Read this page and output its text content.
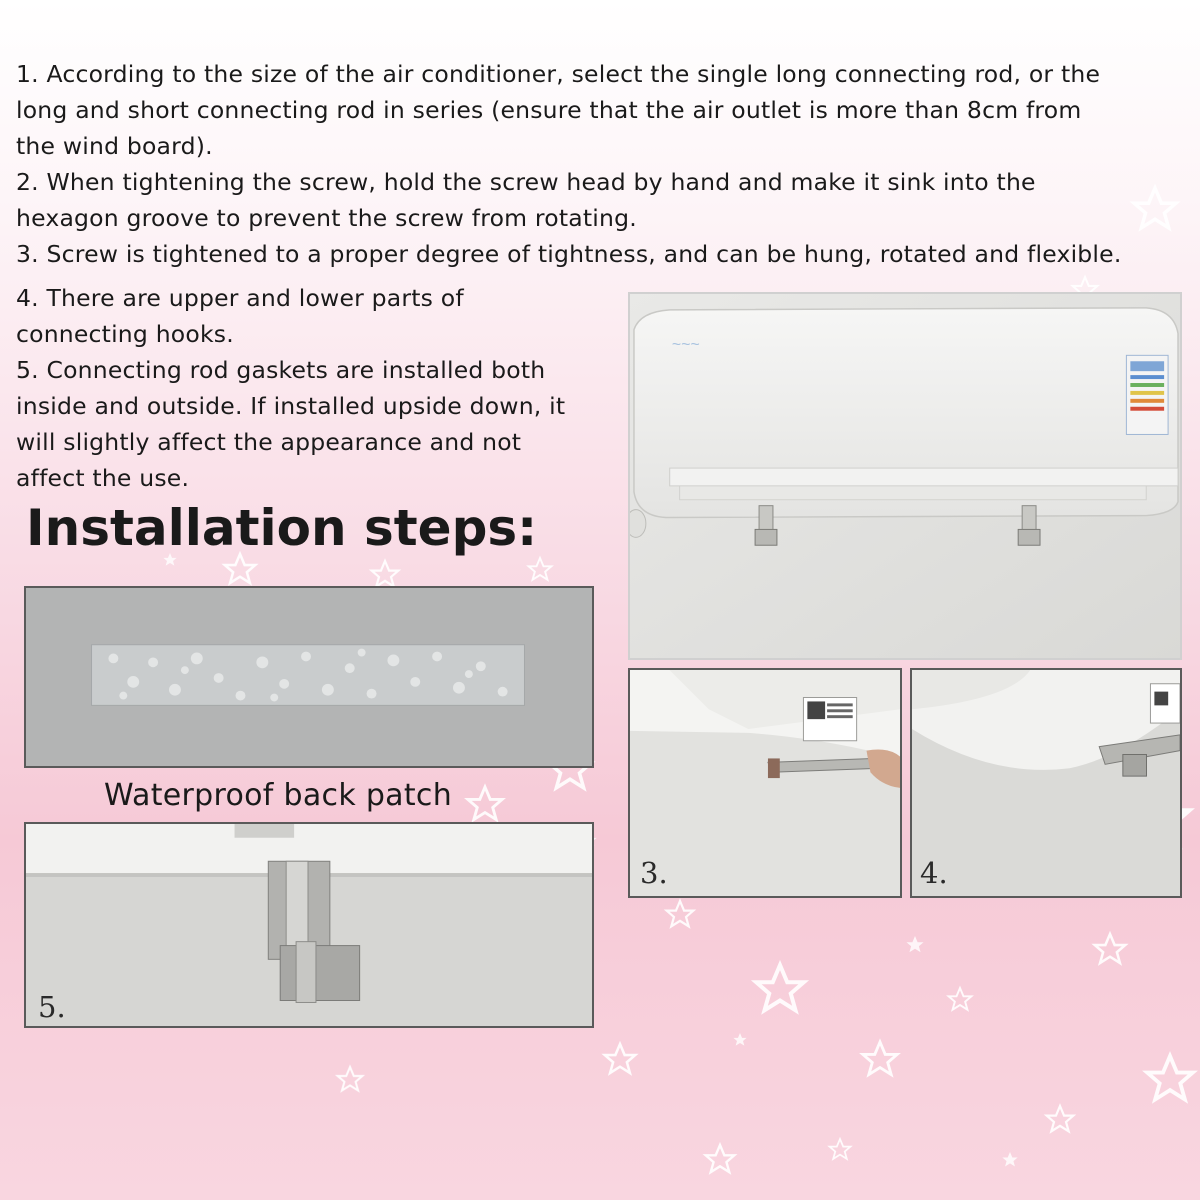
1. According to the size of the air conditioner, select the single long connecting rod, or the
long and short connecting rod in series (ensure that the air outlet is more than 8cm from
the wind board).
2. When tightening the screw, hold the screw head by hand and make it sink into the
hexagon groove to prevent the screw from rotating.
3. Screw is tightened to a proper degree of tightness, and can be hung, rotated and flexible.
4. There are upper and lower parts of
connecting hooks.
5. Connecting rod gaskets are installed both
inside and outside. If installed upside down, it
will slightly affect the appearance and not
affect the use.
Installation steps:
~~~
Waterproof back patch
5.
3.	4.
